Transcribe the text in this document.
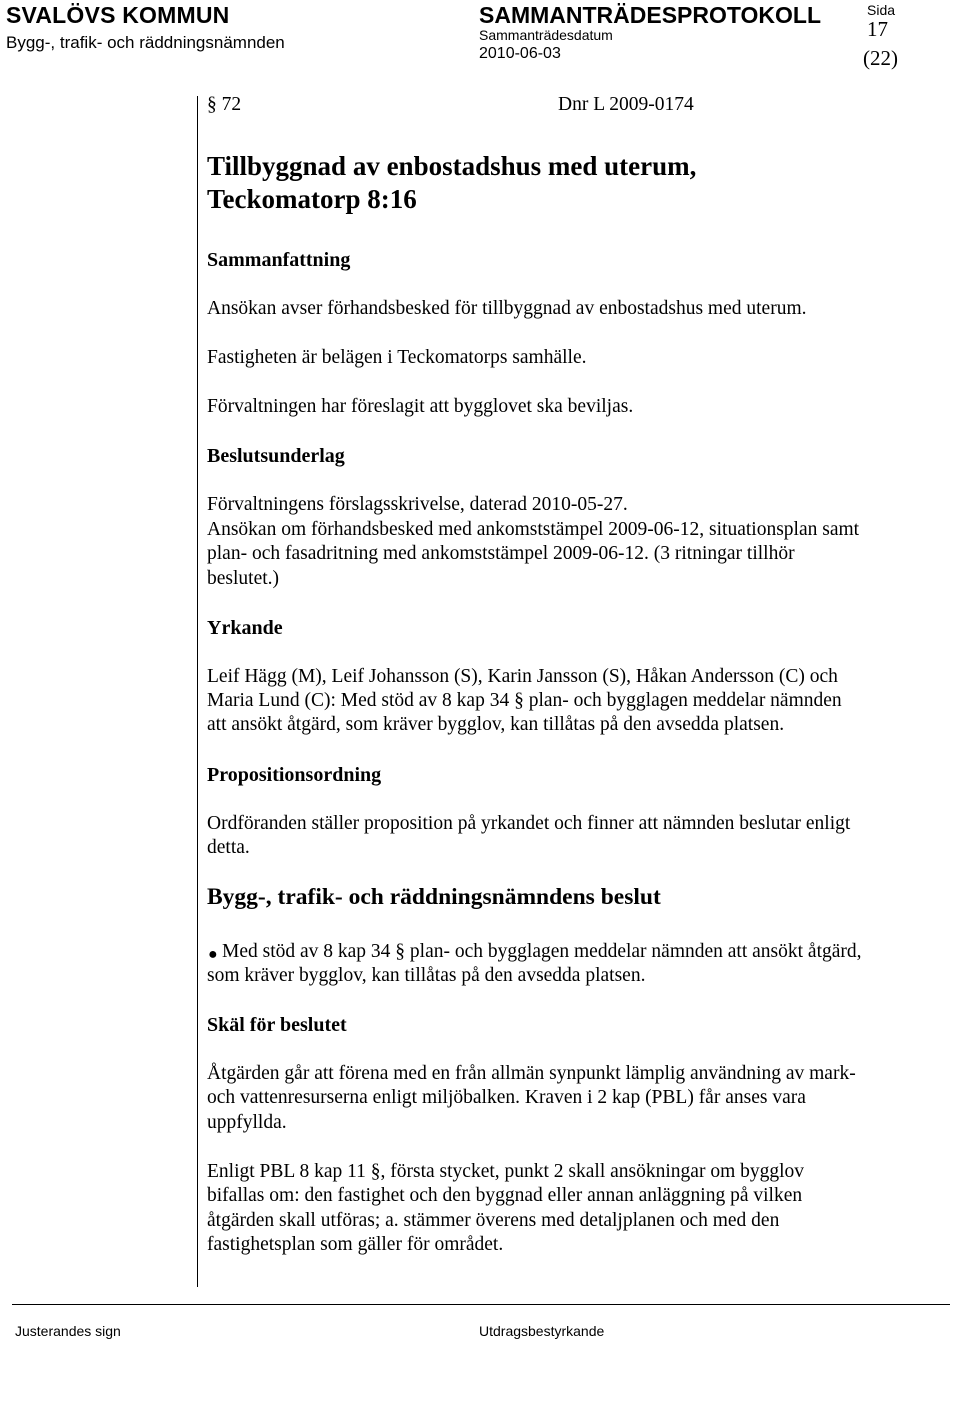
SVALÖVS KOMMUN
Bygg-, trafik- och räddningsnämnden
SAMMANTRÄDESPROTOKOLL
Sammanträdesdatum
2010-06-03
Sida
17
(22)
§ 72	Dnr L 2009-0174
Tillbyggnad av enbostadshus med uterum,
Teckomatorp 8:16
Sammanfattning
Ansökan avser förhandsbesked för tillbyggnad av enbostadshus med uterum.
Fastigheten är belägen i Teckomatorps samhälle.
Förvaltningen har föreslagit att bygglovet ska beviljas.
Beslutsunderlag
Förvaltningens förslagsskrivelse, daterad 2010-05-27.
Ansökan om förhandsbesked med ankomststämpel 2009-06-12, situationsplan samt
plan- och fasadritning med ankomststämpel 2009-06-12. (3 ritningar tillhör
beslutet.)
Yrkande
Leif Hägg (M), Leif Johansson (S), Karin Jansson (S), Håkan Andersson (C) och
Maria Lund (C): Med stöd av 8 kap 34 § plan- och bygglagen meddelar nämnden
att ansökt åtgärd, som kräver bygglov, kan tillåtas på den avsedda platsen.
Propositionsordning
Ordföranden ställer proposition på yrkandet och finner att nämnden beslutar enligt
detta.
Bygg-, trafik- och räddningsnämndens beslut
● Med stöd av 8 kap 34 § plan- och bygglagen meddelar nämnden att ansökt åtgärd,
som kräver bygglov, kan tillåtas på den avsedda platsen.
Skäl för beslutet
Åtgärden går att förena med en från allmän synpunkt lämplig användning av mark-
och vattenresurserna enligt miljöbalken. Kraven i 2 kap (PBL) får anses vara
uppfyllda.
Enligt PBL 8 kap 11 §, första stycket, punkt 2 skall ansökningar om bygglov
bifallas om: den fastighet och den byggnad eller annan anläggning på vilken
åtgärden skall utföras; a. stämmer överens med detaljplanen och med den
fastighetsplan som gäller för området.
Justerandes sign	Utdragsbestyrkande
